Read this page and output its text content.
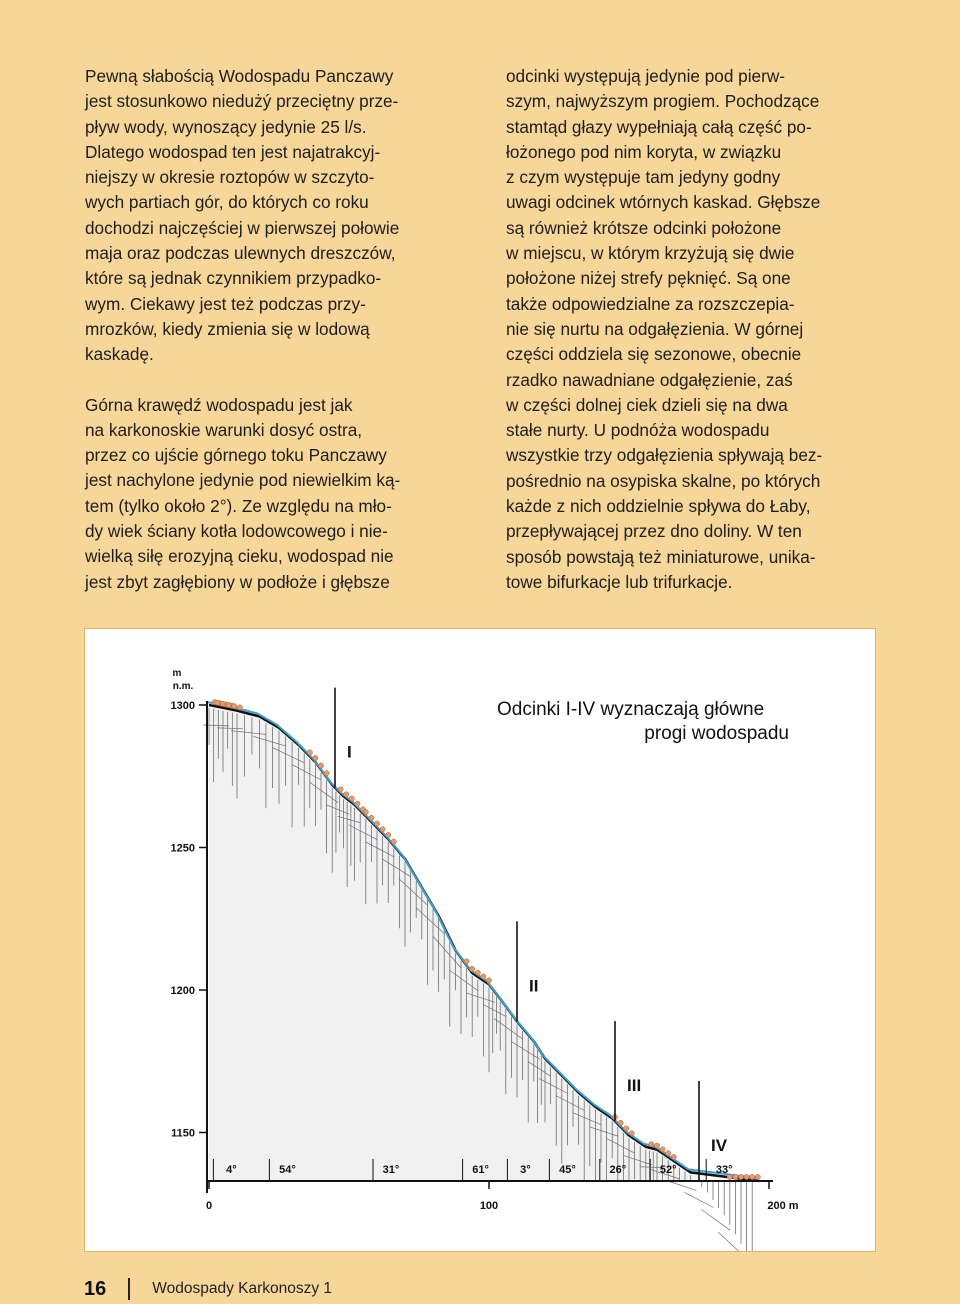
Pewną słabością Wodospadu Panczawy
jest stosunkowo niedużý przeciętny prze-
pływ wody, wynoszący jedynie 25 l/s.
Dlatego wodospad ten jest najatrakcyj-
niejszy w okresie roztopów w szczyto-
wych partiach gór, do których co roku
dochodzi najczęściej w pierwszej połowie
maja oraz podczas ulewnych dreszczów,
które są jednak czynnikiem przypadko-
wym. Ciekawy jest też podczas przy-
mrozków, kiedy zmienia się w lodową
kaskadę.

Górna krawędź wodospadu jest jak
na karkonoskie warunki dosyć ostra,
przez co ujście górnego toku Panczawy
jest nachylone jedynie pod niewielkim ką-
tem (tylko około 2°). Ze względu na mło-
dy wiek ściany kotła lodowcowego i nie-
wielką siłę erozyjną cieku, wodospad nie
jest zbyt zagłębiony w podłoże i głębsze

odcinki występują jedynie pod pierw-
szym, najwyższym progiem. Pochodzące
stamtąd głazy wypełniają całą część po-
łożonego pod nim koryta, w związku
z czym występuje tam jedyny godny
uwagi odcinek wtórnych kaskad. Głębsze
są również krótsze odcinki położone
w miejscu, w którym krzyżują się dwie
położone niżej strefy pęknięć. Są one
także odpowiedzialne za rozszczepia-
nie się nurtu na odgałęzienia. W górnej
części oddziela się sezonowe, obecnie
rzadko nawadniane odgałęzienie, zaś
w części dolnej ciek dzieli się na dwa
stałe nurty. U podnóża wodospadu
wszystkie trzy odgałęzienia spływają bez-
pośrednio na osypiska skalne, po których
każde z nich oddzielnie spływa do Łaby,
przepływającej przez dno doliny. W ten
sposób powstają też miniaturowe, unika-
towe bifurkacje lub trifurkacje.

m
n.m.
1300
1250
1200
1150
0	100	200 m
Odcinki I-IV wyznaczają główne
progi wodospadu
I
II
III
IV
4°	54°	31°	61°	3°	45°	26°	52°	33°
16	Wodospady Karkonoszy 1
